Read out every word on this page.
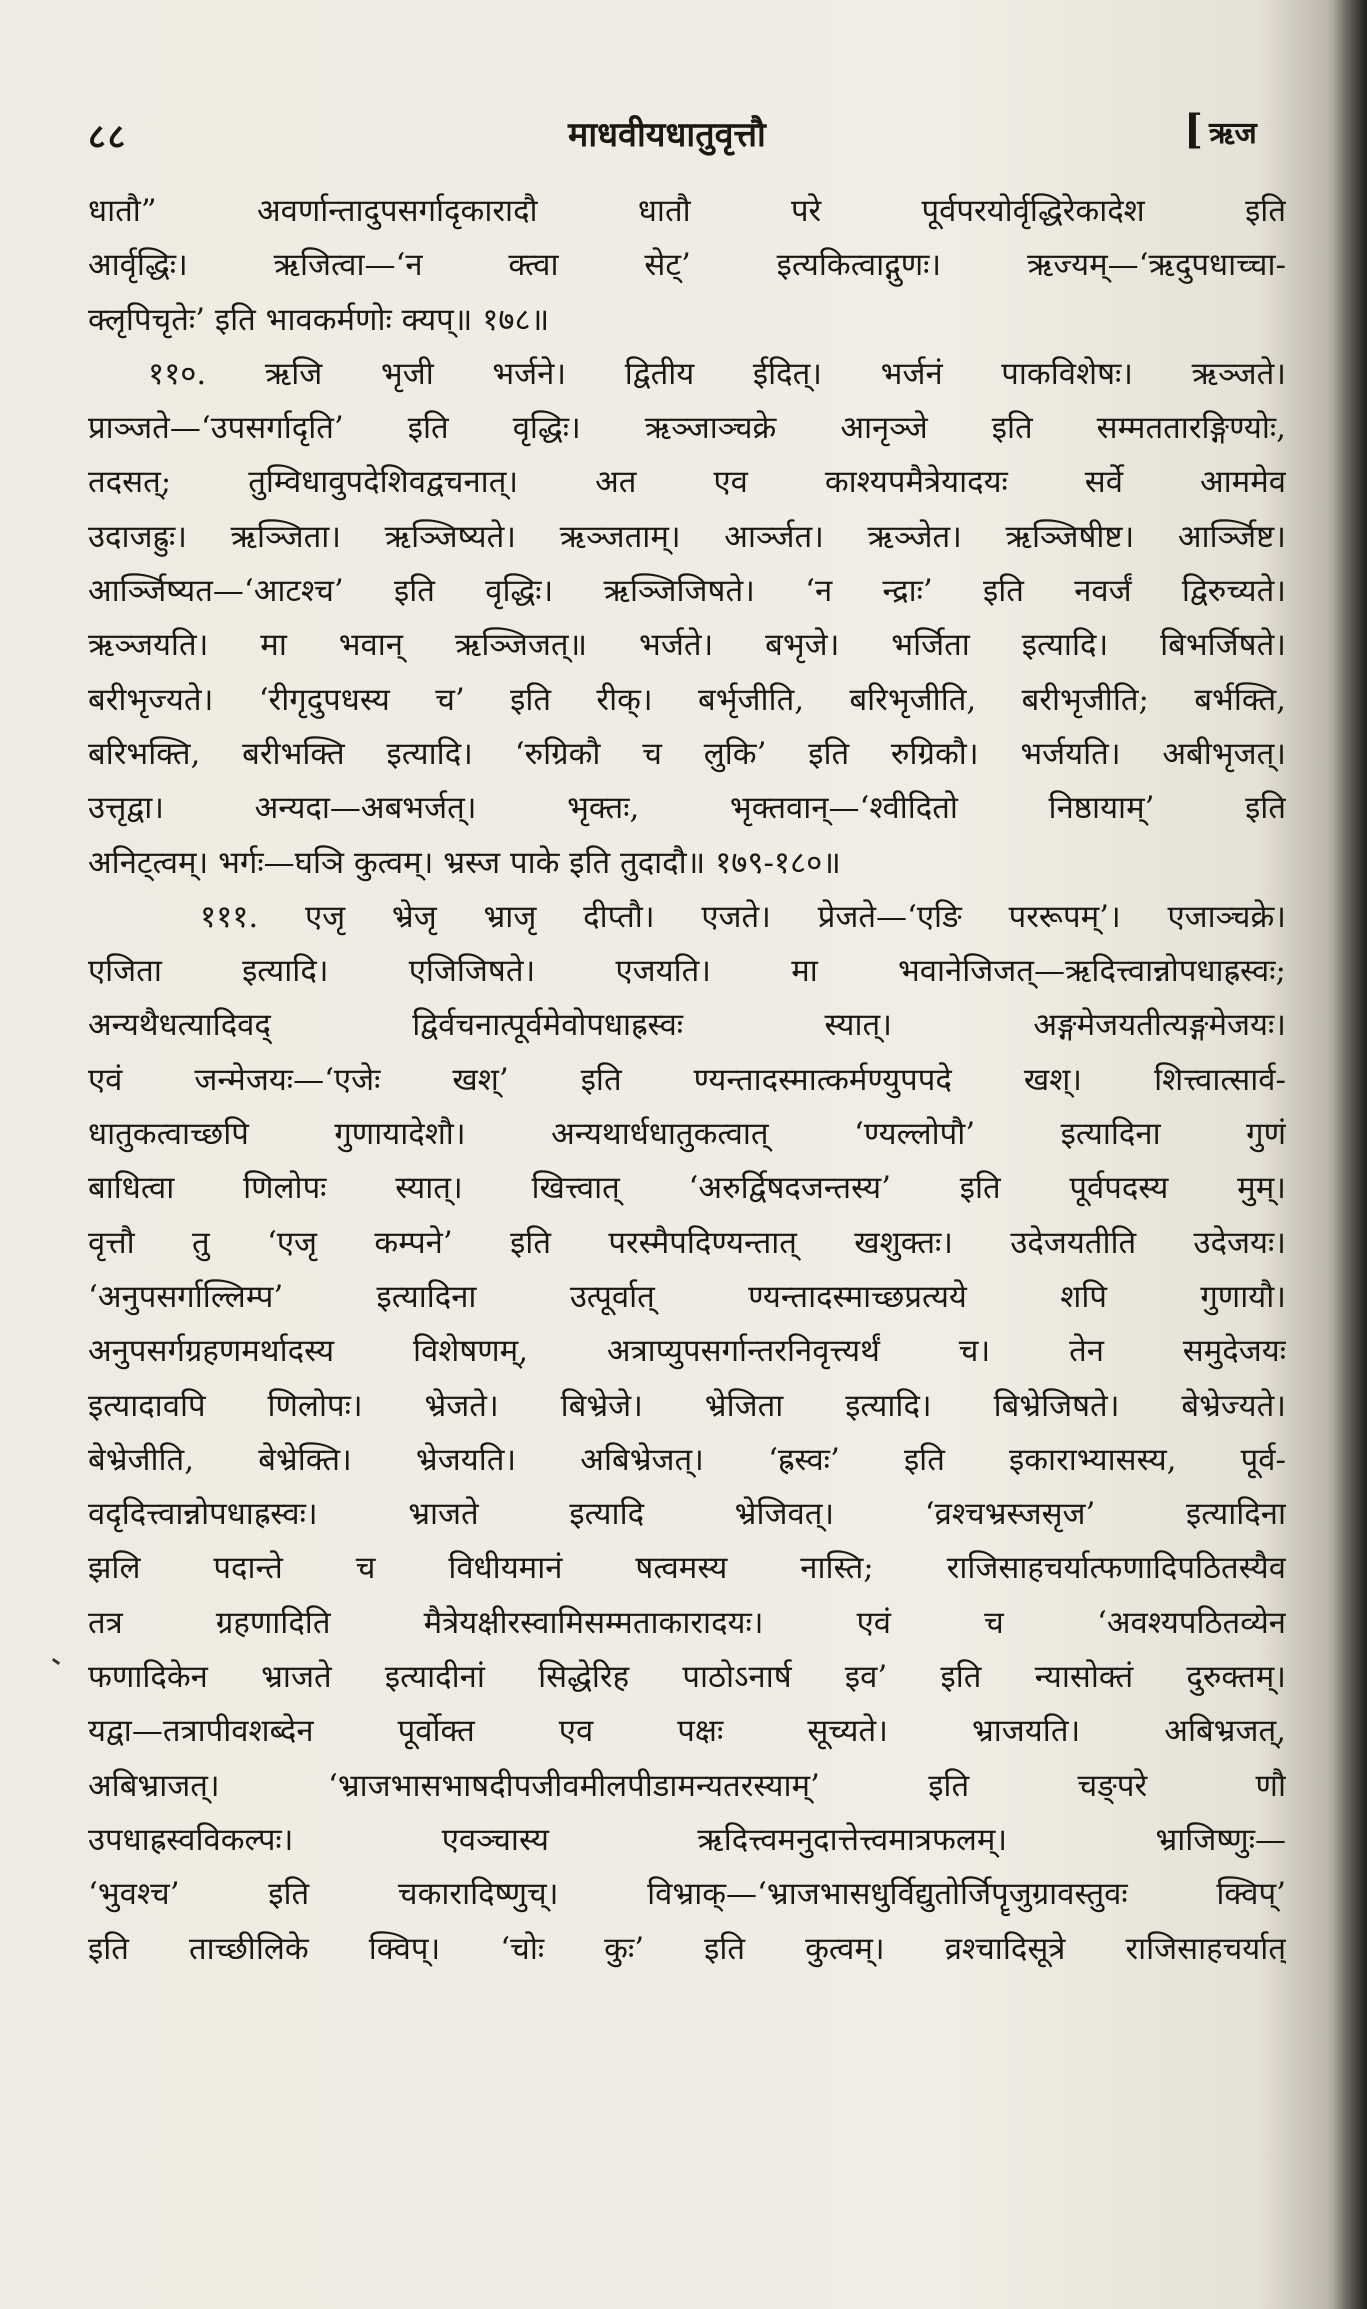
८८	माधवीयधातुवृत्तौ	[ ऋज
धातौ” अवर्णान्तादुपसर्गादृकारादौ धातौ परे पूर्वपरयोर्वृद्धिरेकादेश इति
आर्वृद्धिः। ऋजित्वा—‘न क्त्वा सेट्’ इत्यकित्वाद्गुणः। ऋज्यम्—‘ऋदुपधाच्चा-
क्लृपिचृतेः’ इति भावकर्मणोः क्यप्॥ १७८॥
११०. ऋजि भृजी भर्जने। द्वितीय ईदित्। भर्जनं पाकविशेषः। ऋञ्जते।
प्राञ्जते—‘उपसर्गादृति’ इति वृद्धिः। ऋञ्जाञ्चक्रे आनृञ्जे इति सम्मततारङ्गिण्योः,
तदसत्; तुम्विधावुपदेशिवद्वचनात्। अत एव काश्यपमैत्रेयादयः सर्वे आममेव
उदाजह्रुः। ऋञ्जिता। ऋञ्जिष्यते। ऋञ्जताम्। आर्ञ्जत। ऋञ्जेत। ऋञ्जिषीष्ट। आर्ञ्जिष्ट।
आर्ञ्जिष्यत—‘आटश्च’ इति वृद्धिः। ऋञ्जिजिषते। ‘न न्द्राः’ इति नवर्जं द्विरुच्यते।
ऋञ्जयति। मा भवान् ऋञ्जिजत्॥ भर्जते। बभृजे। भर्जिता इत्यादि। बिभर्जिषते।
बरीभृज्यते। ‘रीगृदुपधस्य च’ इति रीक्। बर्भृजीति, बरिभृजीति, बरीभृजीति; बर्भक्ति,
बरिभक्ति, बरीभक्ति इत्यादि। ‘रुग्रिकौ च लुकि’ इति रुग्रिकौ। भर्जयति। अबीभृजत्।
उत्तृद्वा। अन्यदा—अबभर्जत्। भृक्तः, भृक्तवान्—‘श्वीदितो निष्ठायाम्’ इति
अनिट्त्वम्। भर्गः—घञि कुत्वम्। भ्रस्ज पाके इति तुदादौ॥ १७९-१८०॥
१११. एजृ भ्रेजृ भ्राजृ दीप्तौ। एजते। प्रेजते—‘एङि पररूपम्’। एजाञ्चक्रे।
एजिता इत्यादि। एजिजिषते। एजयति। मा भवानेजिजत्—ऋदित्त्वान्नोपधाह्रस्वः;
अन्यथैधत्यादिवद् द्विर्वचनात्पूर्वमेवोपधाह्रस्वः स्यात्। अङ्गमेजयतीत्यङ्गमेजयः।
एवं जन्मेजयः—‘एजेः खश्’ इति ण्यन्तादस्मात्कर्मण्युपपदे खश्। शित्त्वात्सार्व-
धातुकत्वाच्छपि गुणायादेशौ। अन्यथार्धधातुकत्वात् ‘ण्यल्लोपौ’ इत्यादिना गुणं
बाधित्वा णिलोपः स्यात्। खित्त्वात् ‘अरुर्द्विषदजन्तस्य’ इति पूर्वपदस्य मुम्।
वृत्तौ तु ‘एजृ कम्पने’ इति परस्मैपदिण्यन्तात् खशुक्तः। उदेजयतीति उदेजयः।
‘अनुपसर्गाल्लिम्प’ इत्यादिना उत्पूर्वात् ण्यन्तादस्माच्छप्रत्यये शपि गुणायौ।
अनुपसर्गग्रहणमर्थादस्य विशेषणम्, अत्राप्युपसर्गान्तरनिवृत्त्यर्थं च। तेन समुदेजयः
इत्यादावपि णिलोपः। भ्रेजते। बिभ्रेजे। भ्रेजिता इत्यादि। बिभ्रेजिषते। बेभ्रेज्यते।
बेभ्रेजीति, बेभ्रेक्ति। भ्रेजयति। अबिभ्रेजत्। ‘ह्रस्वः’ इति इकाराभ्यासस्य, पूर्व-
वदृदित्त्वान्नोपधाह्रस्वः। भ्राजते इत्यादि भ्रेजिवत्। ‘व्रश्चभ्रस्जसृज’ इत्यादिना
झलि पदान्ते च विधीयमानं षत्वमस्य नास्ति; राजिसाहचर्यात्फणादिपठितस्यैव
तत्र ग्रहणादिति मैत्रेयक्षीरस्वामिसम्मताकारादयः। एवं च ‘अवश्यपठितव्येन
फणादिकेन भ्राजते इत्यादीनां सिद्धेरिह पाठोऽनार्ष इव’ इति न्यासोक्तं दुरुक्तम्।
यद्वा—तत्रापीवशब्देन पूर्वोक्त एव पक्षः सूच्यते। भ्राजयति। अबिभ्रजत्,
अबिभ्राजत्। ‘भ्राजभासभाषदीपजीवमीलपीडामन्यतरस्याम्’ इति चङ्परे णौ
उपधाह्रस्वविकल्पः। एवञ्चास्य ऋदित्त्वमनुदात्तेत्त्वमात्रफलम्। भ्राजिष्णुः—
‘भुवश्च’ इति चकारादिष्णुच्। विभ्राक्—‘भ्राजभासधुर्विद्युतोर्जिपॄजुग्रावस्तुवः क्विप्’
इति ताच्छीलिके क्विप्। ‘चोः कुः’ इति कुत्वम्। व्रश्चादिसूत्रे राजिसाहचर्यात्
